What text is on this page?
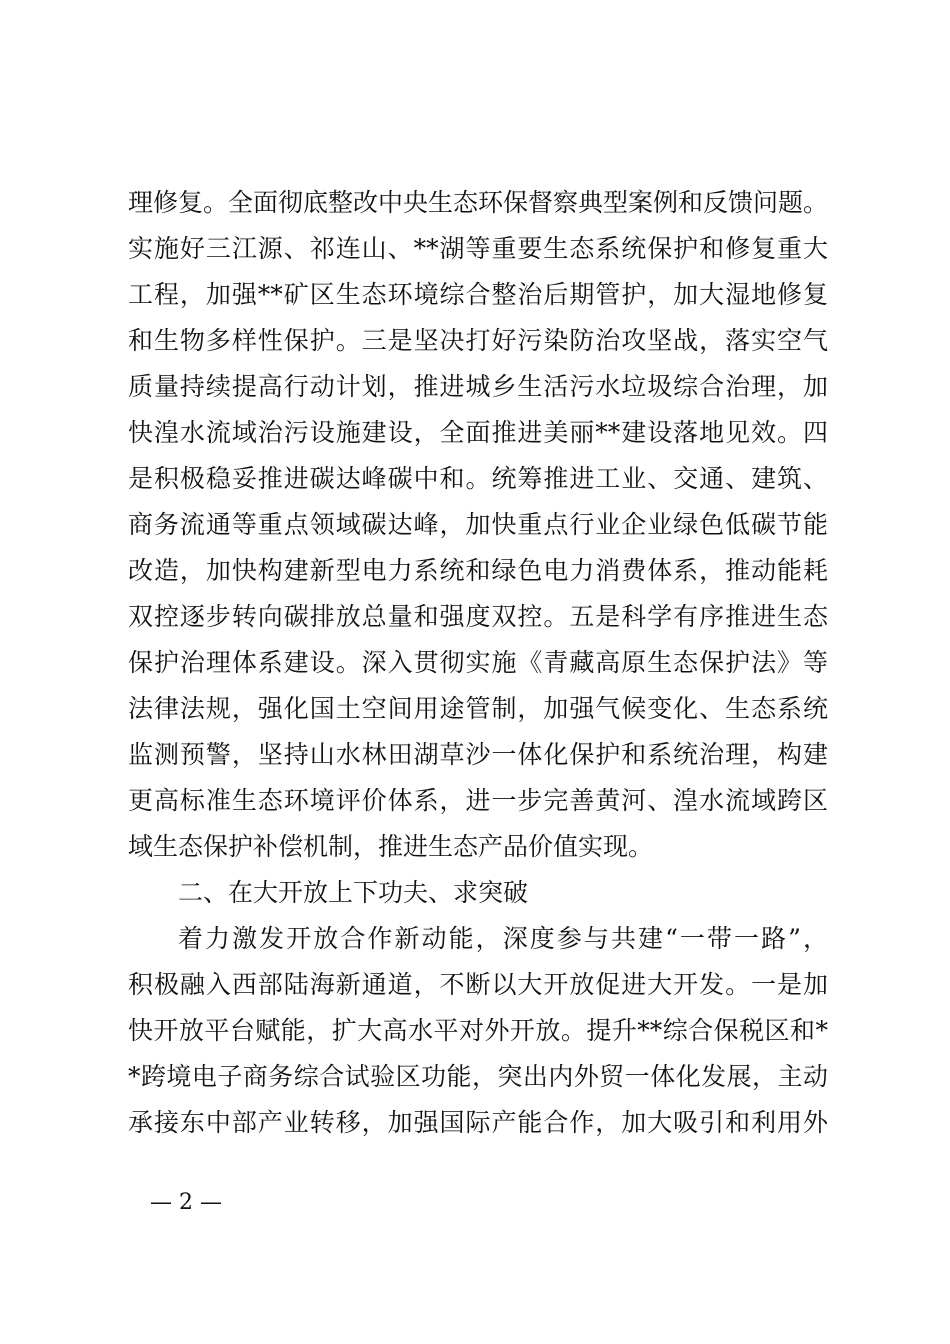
理修复。全面彻底整改中央生态环保督察典型案例和反馈问题。
实施好三江源、祁连山、**湖等重要生态系统保护和修复重大
工程，加强**矿区生态环境综合整治后期管护，加大湿地修复
和生物多样性保护。三是坚决打好污染防治攻坚战，落实空气
质量持续提高行动计划，推进城乡生活污水垃圾综合治理，加
快湟水流域治污设施建设，全面推进美丽**建设落地见效。四
是积极稳妥推进碳达峰碳中和。统筹推进工业、交通、建筑、
商务流通等重点领域碳达峰，加快重点行业企业绿色低碳节能
改造，加快构建新型电力系统和绿色电力消费体系，推动能耗
双控逐步转向碳排放总量和强度双控。五是科学有序推进生态
保护治理体系建设。深入贯彻实施《青藏高原生态保护法》等
法律法规，强化国土空间用途管制，加强气候变化、生态系统
监测预警，坚持山水林田湖草沙一体化保护和系统治理，构建
更高标准生态环境评价体系，进一步完善黄河、湟水流域跨区
域生态保护补偿机制，推进生态产品价值实现。
二、在大开放上下功夫、求突破
着力激发开放合作新动能，深度参与共建“一带一路”，
积极融入西部陆海新通道，不断以大开放促进大开发。一是加
快开放平台赋能，扩大高水平对外开放。提升**综合保税区和*
*跨境电子商务综合试验区功能，突出内外贸一体化发展，主动
承接东中部产业转移，加强国际产能合作，加大吸引和利用外
— 2 —
